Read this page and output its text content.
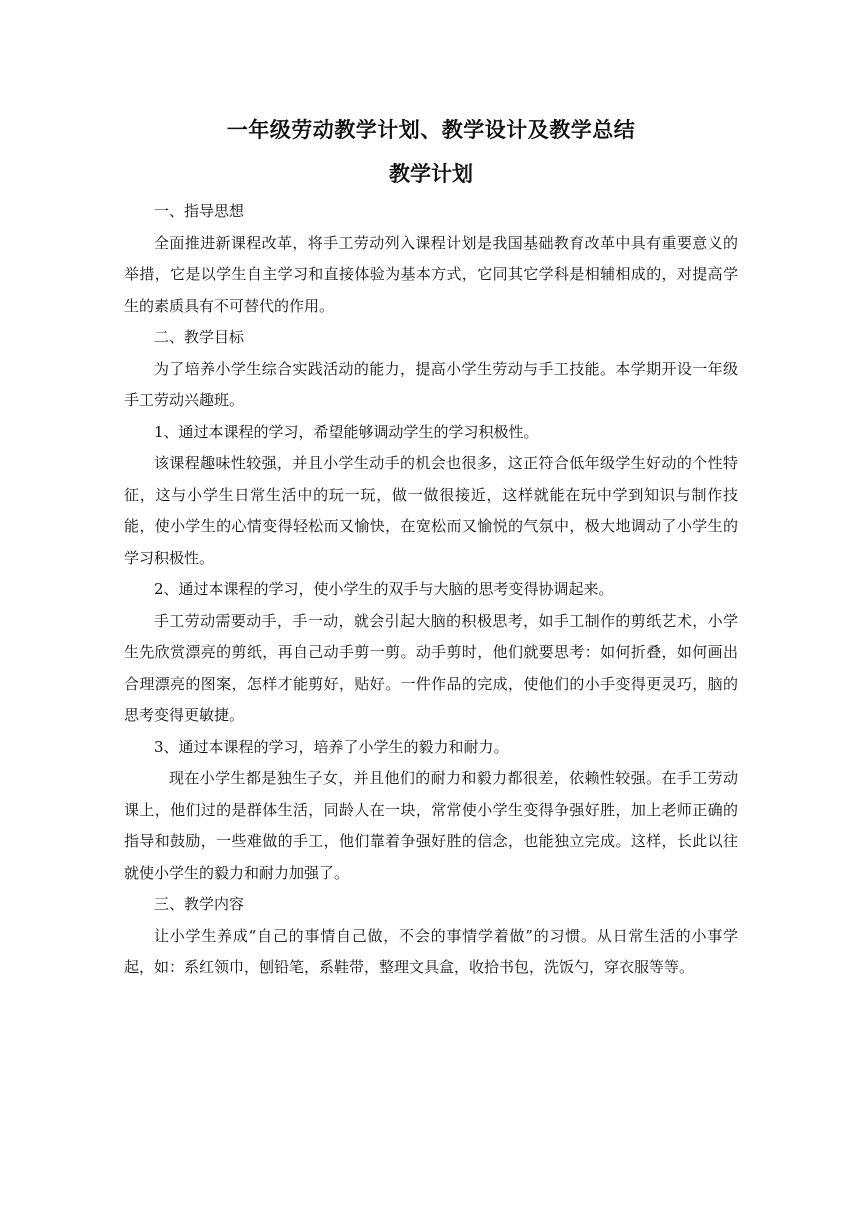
一年级劳动教学计划、教学设计及教学总结
教学计划

一、指导思想

全面推进新课程改革，将手工劳动列入课程计划是我国基础教育改革中具有重要意义的举措，它是以学生自主学习和直接体验为基本方式，它同其它学科是相辅相成的，对提高学生的素质具有不可替代的作用。

二、教学目标

为了培养小学生综合实践活动的能力，提高小学生劳动与手工技能。本学期开设一年级手工劳动兴趣班。

1、通过本课程的学习，希望能够调动学生的学习积极性。

该课程趣味性较强，并且小学生动手的机会也很多，这正符合低年级学生好动的个性特征，这与小学生日常生活中的玩一玩，做一做很接近，这样就能在玩中学到知识与制作技能，使小学生的心情变得轻松而又愉快，在宽松而又愉悦的气氛中，极大地调动了小学生的学习积极性。

2、通过本课程的学习，使小学生的双手与大脑的思考变得协调起来。

手工劳动需要动手，手一动，就会引起大脑的积极思考，如手工制作的剪纸艺术，小学生先欣赏漂亮的剪纸，再自己动手剪一剪。动手剪时，他们就要思考：如何折叠，如何画出合理漂亮的图案，怎样才能剪好，贴好。一件作品的完成，使他们的小手变得更灵巧，脑的思考变得更敏捷。

3、通过本课程的学习，培养了小学生的毅力和耐力。

现在小学生都是独生子女，并且他们的耐力和毅力都很差，依赖性较强。在手工劳动课上，他们过的是群体生活，同龄人在一块，常常使小学生变得争强好胜，加上老师正确的指导和鼓励，一些难做的手工，他们靠着争强好胜的信念，也能独立完成。这样，长此以往就使小学生的毅力和耐力加强了。

三、教学内容

让小学生养成“自己的事情自己做，不会的事情学着做”的习惯。从日常生活的小事学起，如：系红领巾，刨铅笔，系鞋带，整理文具盒，收拾书包，洗饭勺，穿衣服等等。
